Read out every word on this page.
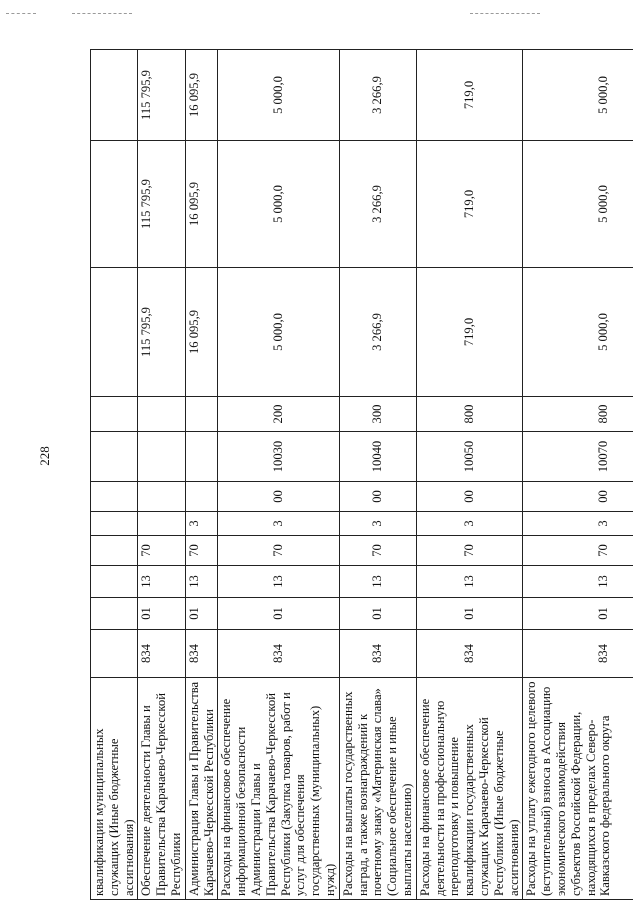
228
квалификации муниципальных служащих (Иные бюджетные ассигнования)											
Обеспечение деятельности Главы и Правительства Карачаево-Черкесской Республики	834	01	13	70					115 795,9	115 795,9	115 795,9
Администрация Главы и Правительства Карачаево-Черкесской Республики	834	01	13	70	3				16 095,9	16 095,9	16 095,9
Расходы на финансовое обеспечение информационной безопасности Администрации Главы и Правительства Карачаево-Черкесской Республики (Закупка товаров, работ и услуг для обеспечения государственных (муниципальных) нужд)	834	01	13	70	3	00	10030	200	5 000,0	5 000,0	5 000,0
Расходы на выплаты государственных наград, а также вознаграждений к почетному знаку «Материнская слава» (Социальное обеспечение и иные выплаты населению)	834	01	13	70	3	00	10040	300	3 266,9	3 266,9	3 266,9
Расходы на финансовое обеспечение деятельности на профессиональную переподготовку и повышение квалификации государственных служащих Карачаево-Черкесской Республики (Иные бюджетные ассигнования)	834	01	13	70	3	00	10050	800	719,0	719,0	719,0
Расходы на уплату ежегодного целевого (вступительный) взноса в Ассоциацию экономического взаимодействия субъектов Российской Федерации, находящихся в пределах Северо-Кавказского федерального округа	834	01	13	70	3	00	10070	800	5 000,0	5 000,0	5 000,0
